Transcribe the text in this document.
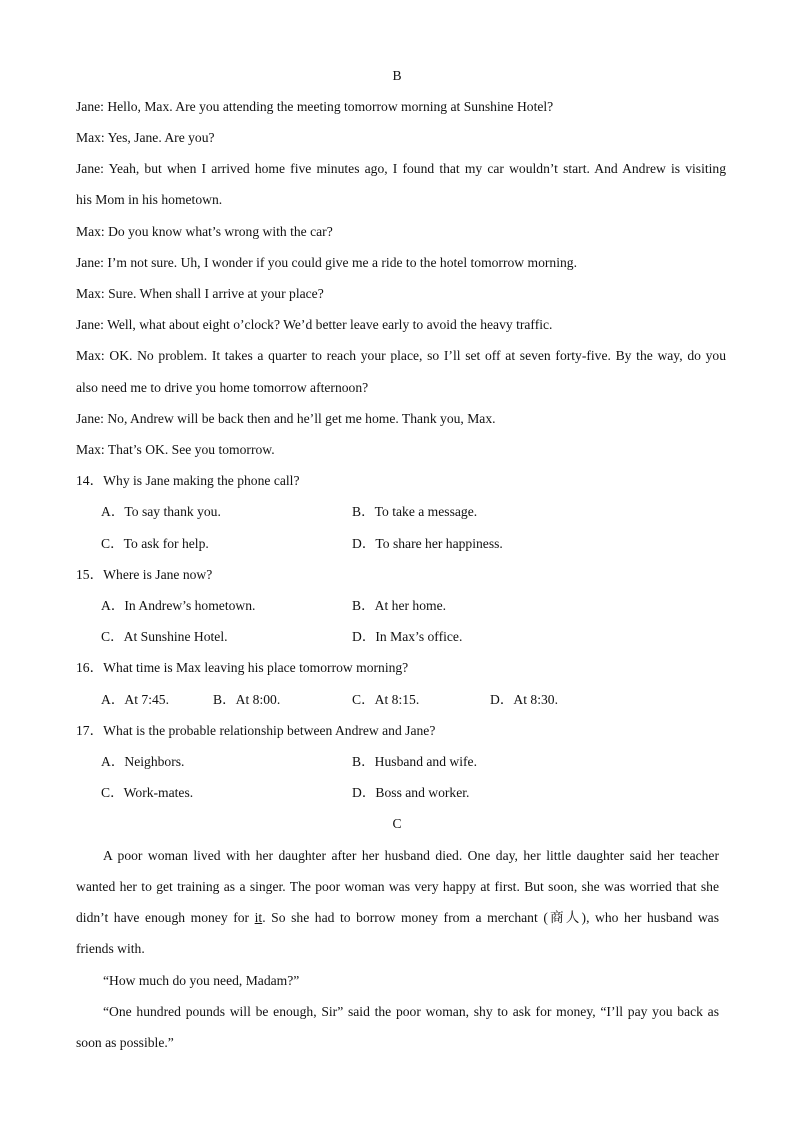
B
Jane: Hello, Max. Are you attending the meeting tomorrow morning at Sunshine Hotel?
Max: Yes, Jane. Are you?
Jane: Yeah, but when I arrived home five minutes ago, I found that my car wouldn’t start. And Andrew is visiting
his Mom in his hometown.
Max: Do you know what’s wrong with the car?
Jane: I’m not sure. Uh, I wonder if you could give me a ride to the hotel tomorrow morning.
Max: Sure. When shall I arrive at your place?
Jane: Well, what about eight o’clock? We’d better leave early to avoid the heavy traffic.
Max: OK. No problem. It takes a quarter to reach your place, so I’ll set off at seven forty-five. By the way, do you
also need me to drive you home tomorrow afternoon?
Jane: No, Andrew will be back then and he’ll get me home. Thank you, Max.
Max: That’s OK. See you tomorrow.
14．Why is Jane making the phone call?
A．To say thank you.	B．To take a message.
C．To ask for help.	D．To share her happiness.
15．Where is Jane now?
A．In Andrew’s hometown.	B．At her home.
C．At Sunshine Hotel.	D．In Max’s office.
16．What time is Max leaving his place tomorrow morning?
A．At 7:45.	B．At 8:00.	C．At 8:15.	D．At 8:30.
17．What is the probable relationship between Andrew and Jane?
A．Neighbors.	B．Husband and wife.
C．Work-mates.	D．Boss and worker.
C
A poor woman lived with her daughter after her husband died. One day, her little daughter said her teacher
wanted her to get training as a singer. The poor woman was very happy at first. But soon, she was worried that she
didn’t have enough money for it. So she had to borrow money from a merchant (商人), who her husband was
friends with.
“How much do you need, Madam?”
“One hundred pounds will be enough, Sir” said the poor woman, shy to ask for money, “I’ll pay you back as
soon as possible.”
